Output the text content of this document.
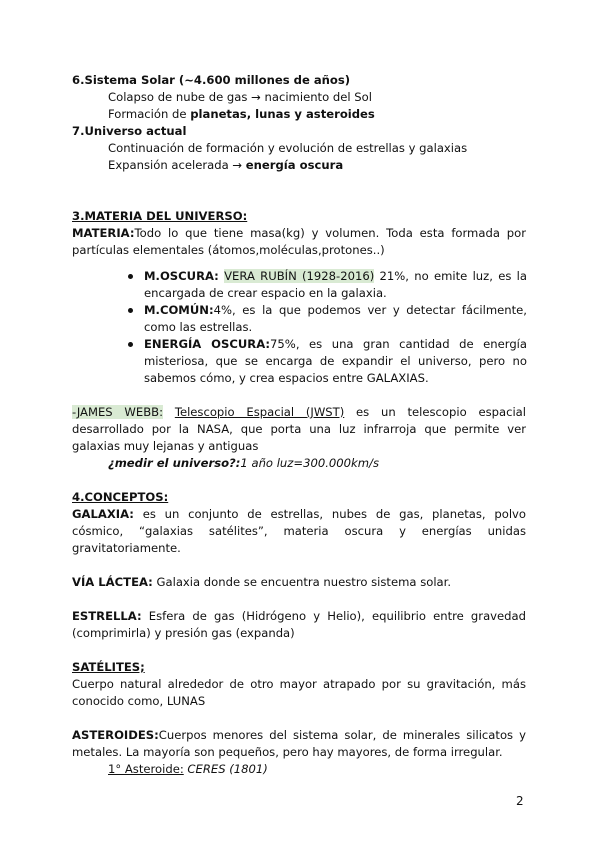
6.Sistema Solar (~4.600 millones de años)
Colapso de nube de gas → nacimiento del Sol
Formación de planetas, lunas y asteroides
7.Universo actual
Continuación de formación y evolución de estrellas y galaxias
Expansión acelerada → energía oscura
3.MATERIA DEL UNIVERSO:
MATERIA:Todo lo que tiene masa(kg) y volumen. Toda esta formada por
partículas elementales (átomos,moléculas,protones..)
M.OSCURA: VERA RUBÍN (1928-2016) 21%, no emite luz, es la
encargada de crear espacio en la galaxia.
M.COMÚN:4%, es la que podemos ver y detectar fácilmente,
como las estrellas.
ENERGÍA OSCURA:75%, es una gran cantidad de energía
misteriosa, que se encarga de expandir el universo, pero no
sabemos cómo, y crea espacios entre GALAXIAS.
-JAMES WEBB: Telescopio Espacial (JWST) es un telescopio espacial
desarrollado por la NASA, que porta una luz infrarroja que permite ver
galaxias muy lejanas y antiguas
¿medir el universo?:1 año luz=300.000km/s
4.CONCEPTOS:
GALAXIA: es un conjunto de estrellas, nubes de gas, planetas, polvo
cósmico, “galaxias satélites”, materia oscura y energías unidas
gravitatoriamente.
VÍA LÁCTEA: Galaxia donde se encuentra nuestro sistema solar.
ESTRELLA: Esfera de gas (Hidrógeno y Helio), equilibrio entre gravedad
(comprimirla) y presión gas (expanda)
SATÉLITES;
Cuerpo natural alrededor de otro mayor atrapado por su gravitación, más
conocido como, LUNAS
ASTEROIDES:Cuerpos menores del sistema solar, de minerales silicatos y
metales. La mayoría son pequeños, pero hay mayores, de forma irregular.
1° Asteroide: CERES (1801)
2
